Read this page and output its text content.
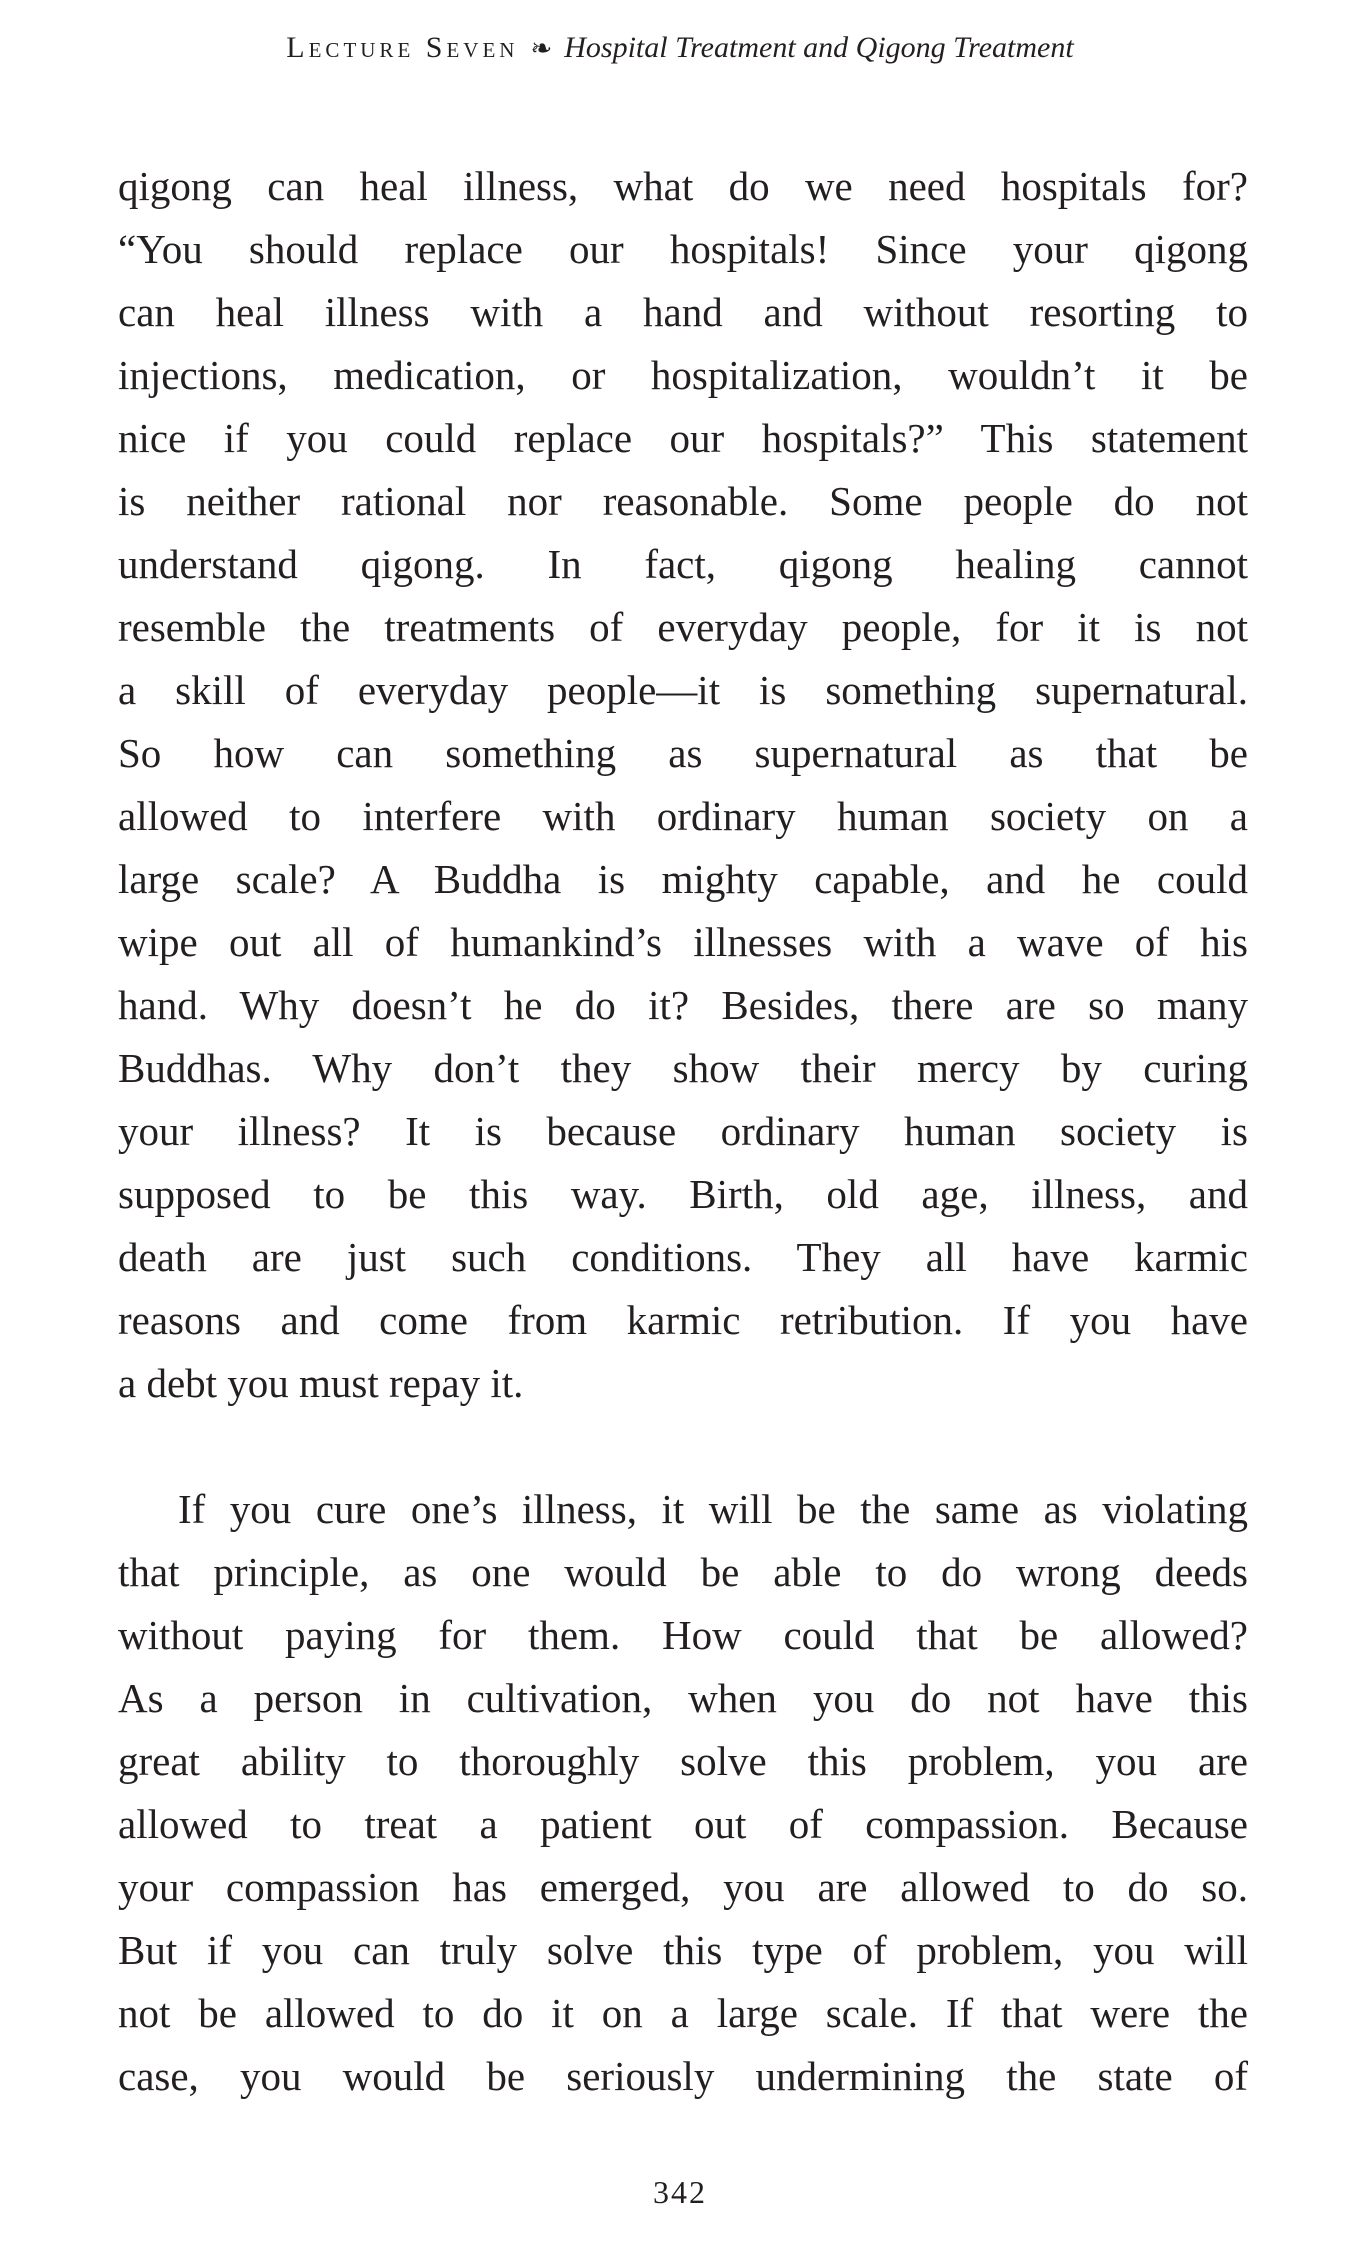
Lecture Seven ❧ Hospital Treatment and Qigong Treatment
qigong can heal illness, what do we need hospitals for?
“You should replace our hospitals! Since your qigong
can heal illness with a hand and without resorting to
injections, medication, or hospitalization, wouldn’t it be
nice if you could replace our hospitals?” This statement
is neither rational nor reasonable. Some people do not
understand qigong. In fact, qigong healing cannot
resemble the treatments of everyday people, for it is not
a skill of everyday people—it is something supernatural.
So how can something as supernatural as that be
allowed to interfere with ordinary human society on a
large scale? A Buddha is mighty capable, and he could
wipe out all of humankind’s illnesses with a wave of his
hand. Why doesn’t he do it? Besides, there are so many
Buddhas. Why don’t they show their mercy by curing
your illness? It is because ordinary human society is
supposed to be this way. Birth, old age, illness, and
death are just such conditions. They all have karmic
reasons and come from karmic retribution. If you have
a debt you must repay it.
If you cure one’s illness, it will be the same as violating
that principle, as one would be able to do wrong deeds
without paying for them. How could that be allowed?
As a person in cultivation, when you do not have this
great ability to thoroughly solve this problem, you are
allowed to treat a patient out of compassion. Because
your compassion has emerged, you are allowed to do so.
But if you can truly solve this type of problem, you will
not be allowed to do it on a large scale. If that were the
case, you would be seriously undermining the state of
342
